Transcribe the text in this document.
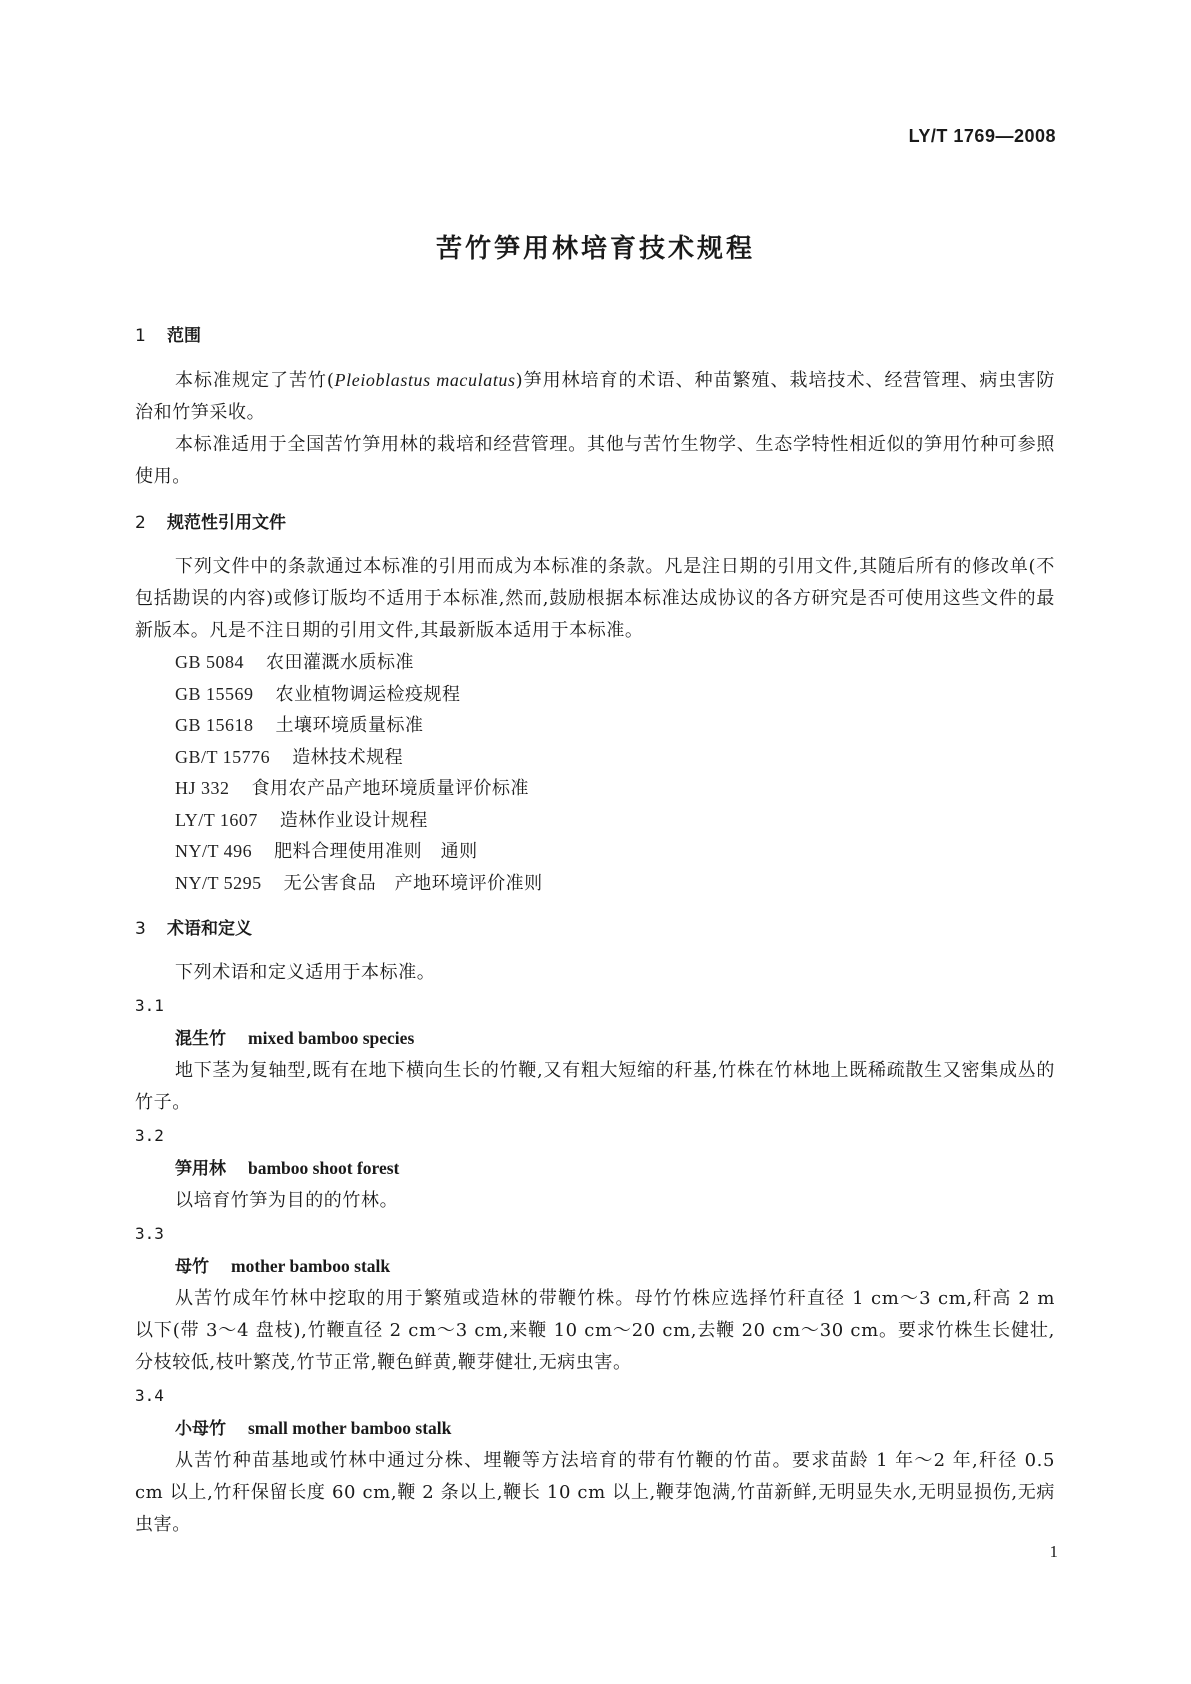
LY/T 1769—2008
苦竹笋用林培育技术规程

1 范围

本标准规定了苦竹(Pleioblastus maculatus)笋用林培育的术语、种苗繁殖、栽培技术、经营管理、病虫害防治和竹笋采收。

本标准适用于全国苦竹笋用林的栽培和经营管理。其他与苦竹生物学、生态学特性相近似的笋用竹种可参照使用。

2 规范性引用文件

下列文件中的条款通过本标准的引用而成为本标准的条款。凡是注日期的引用文件,其随后所有的修改单(不包括勘误的内容)或修订版均不适用于本标准,然而,鼓励根据本标准达成协议的各方研究是否可使用这些文件的最新版本。凡是不注日期的引用文件,其最新版本适用于本标准。

GB 5084 农田灌溉水质标准

GB 15569 农业植物调运检疫规程

GB 15618 土壤环境质量标准

GB/T 15776 造林技术规程

HJ 332 食用农产品产地环境质量评价标准

LY/T 1607 造林作业设计规程

NY/T 496 肥料合理使用准则　通则

NY/T 5295 无公害食品　产地环境评价准则

3 术语和定义

下列术语和定义适用于本标准。

3.1

混生竹 mixed bamboo species

地下茎为复轴型,既有在地下横向生长的竹鞭,又有粗大短缩的秆基,竹株在竹林地上既稀疏散生又密集成丛的竹子。

3.2

笋用林 bamboo shoot forest

以培育竹笋为目的的竹林。

3.3

母竹 mother bamboo stalk

从苦竹成年竹林中挖取的用于繁殖或造林的带鞭竹株。母竹竹株应选择竹秆直径 1 cm～3 cm,秆高 2 m 以下(带 3～4 盘枝),竹鞭直径 2 cm～3 cm,来鞭 10 cm～20 cm,去鞭 20 cm～30 cm。要求竹株生长健壮,分枝较低,枝叶繁茂,竹节正常,鞭色鲜黄,鞭芽健壮,无病虫害。

3.4

小母竹 small mother bamboo stalk

从苦竹种苗基地或竹林中通过分株、埋鞭等方法培育的带有竹鞭的竹苗。要求苗龄 1 年～2 年,秆径 0.5 cm 以上,竹秆保留长度 60 cm,鞭 2 条以上,鞭长 10 cm 以上,鞭芽饱满,竹苗新鲜,无明显失水,无明显损伤,无病虫害。

1
